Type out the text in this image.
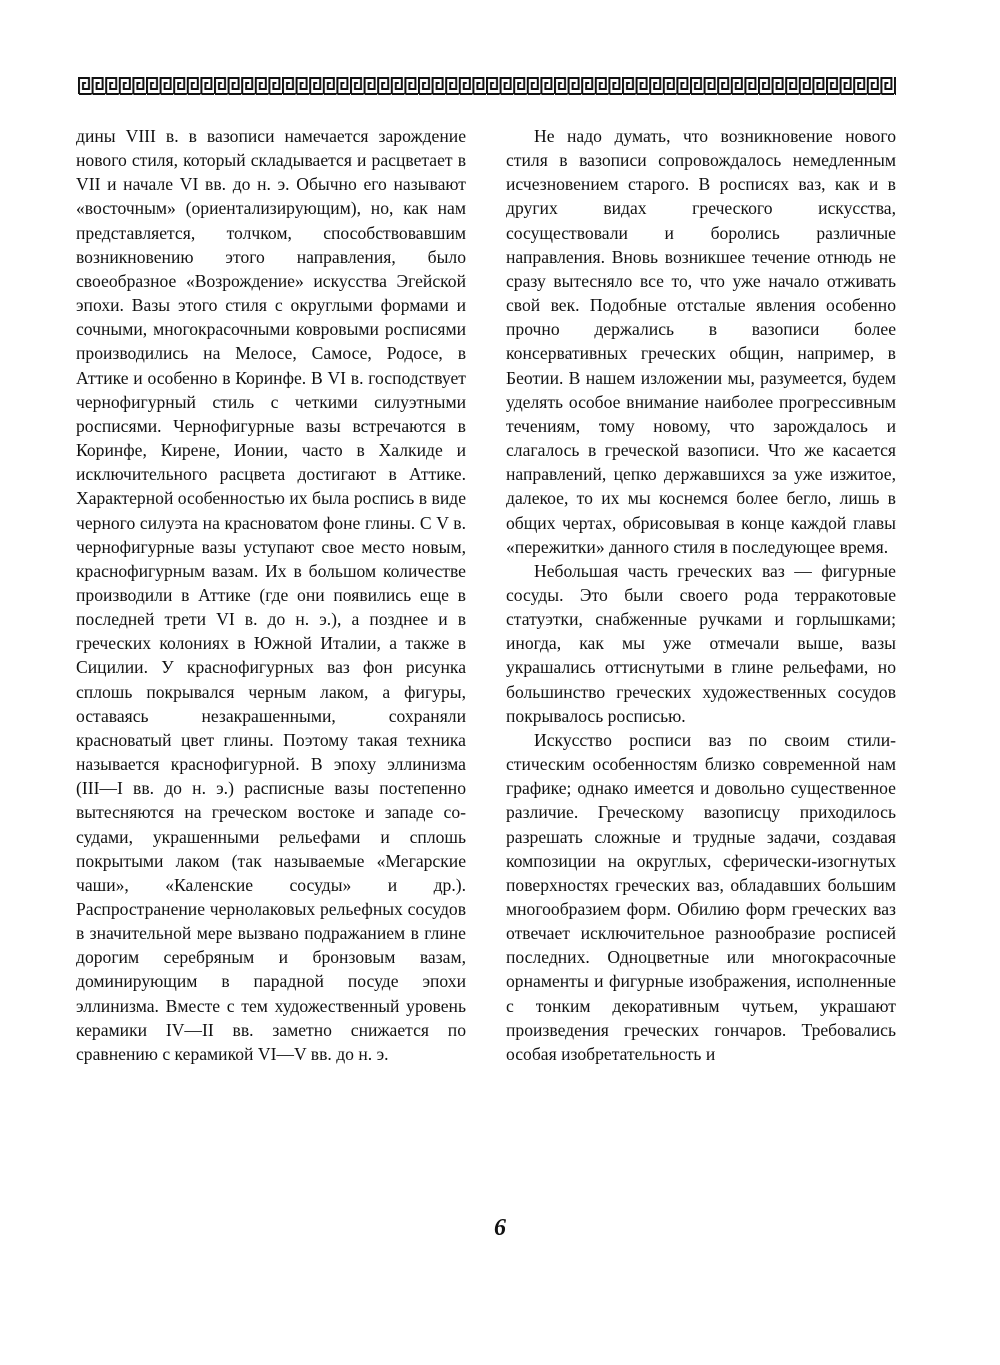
дины VIII в. в вазописи намечается зарождение нового стиля, который складывается и расцветает в VII и начале VI вв. до н. э. Обычно его называют «восточным» (ориентализирующим), но, как нам представляется, толчком, способствовавшим возникновению этого направления, было своеобразное «Возрождение» искусства Эгейской эпохи. Вазы этого стиля с округлыми формами и сочными, многокрасочными ковровыми росписями производились на Мелосе, Самосе, Родосе, в Аттике и особенно в Коринфе. В VI в. господствует чернофигурный стиль с четкими силуэтными росписями. Чернофигурные вазы встречаются в Коринфе, Кирене, Ионии, часто в Халкиде и исключительного расцвета достигают в Аттике. Характерной особенностью их была роспись в виде черного силуэта на красноватом фоне глины. С V в. чернофигурные вазы уступают свое место новым, краснофигурным вазам. Их в большом количестве производили в Аттике (где они появились еще в последней трети VI в. до н. э.), а позднее и в греческих колониях в Южной Италии, а также в Сицилии. У краснофигурных ваз фон рисунка сплошь покрывался черным лаком, а фигуры, оставаясь незакрашенными, сохраняли красноватый цвет глины. Поэтому такая техника называется краснофигурной. В эпоху эллинизма (III—I вв. до н. э.) расписные вазы постепенно вытесняются на греческом востоке и западе сосудами, украшенными рельефами и сплошь покрытыми лаком (так называемые «Мегарские чаши», «Каленские сосуды» и др.). Распространение чернолаковых рельефных сосудов в значительной мере вызвано подражанием в глине дорогим серебряным и бронзовым вазам, доминирующим в парадной посуде эпохи эллинизма. Вместе с тем художественный уровень керамики IV—II вв. заметно снижается по сравнению с керамикой VI—V вв. до н. э.

Не надо думать, что возникновение нового стиля в вазописи сопровождалось немедленным исчезновением старого. В росписях ваз, как и в других видах греческого искусства, сосуществовали и боролись различные направления. Вновь возникшее течение отнюдь не сразу вытесняло все то, что уже начало отживать свой век. Подобные отсталые явления особенно прочно держались в вазописи более консервативных греческих общин, например, в Беотии. В нашем изложении мы, разумеется, будем уделять особое внимание наиболее прогрессивным течениям, тому новому, что зарождалось и слагалось в греческой вазописи. Что же касается направлений, цепко державшихся за уже изжитое, далекое, то их мы коснемся более бегло, лишь в общих чертах, обрисовывая в конце каждой главы «пережитки» данного стиля в последующее время.

Небольшая часть греческих ваз — фигурные сосуды. Это были своего рода терракотовые статуэтки, снабженные ручками и горлышками; иногда, как мы уже отмечали выше, вазы украшались оттиснутыми в глине рельефами, но большинство греческих художественных сосудов покрывалось росписью.

Искусство росписи ваз по своим стилистическим особенностям близко современной нам графике; однако имеется и довольно существенное различие. Греческому вазописцу приходилось разрешать сложные и трудные задачи, создавая композиции на округлых, сферически-изогнутых поверхностях греческих ваз, обладавших большим многообразием форм. Обилию форм греческих ваз отвечает исключительное разнообразие росписей последних. Одноцветные или многокрасочные орнаменты и фигурные изображения, исполненные с тонким декоративным чутьем, украшают произведения греческих гончаров. Требовались особая изобретательность и

6
